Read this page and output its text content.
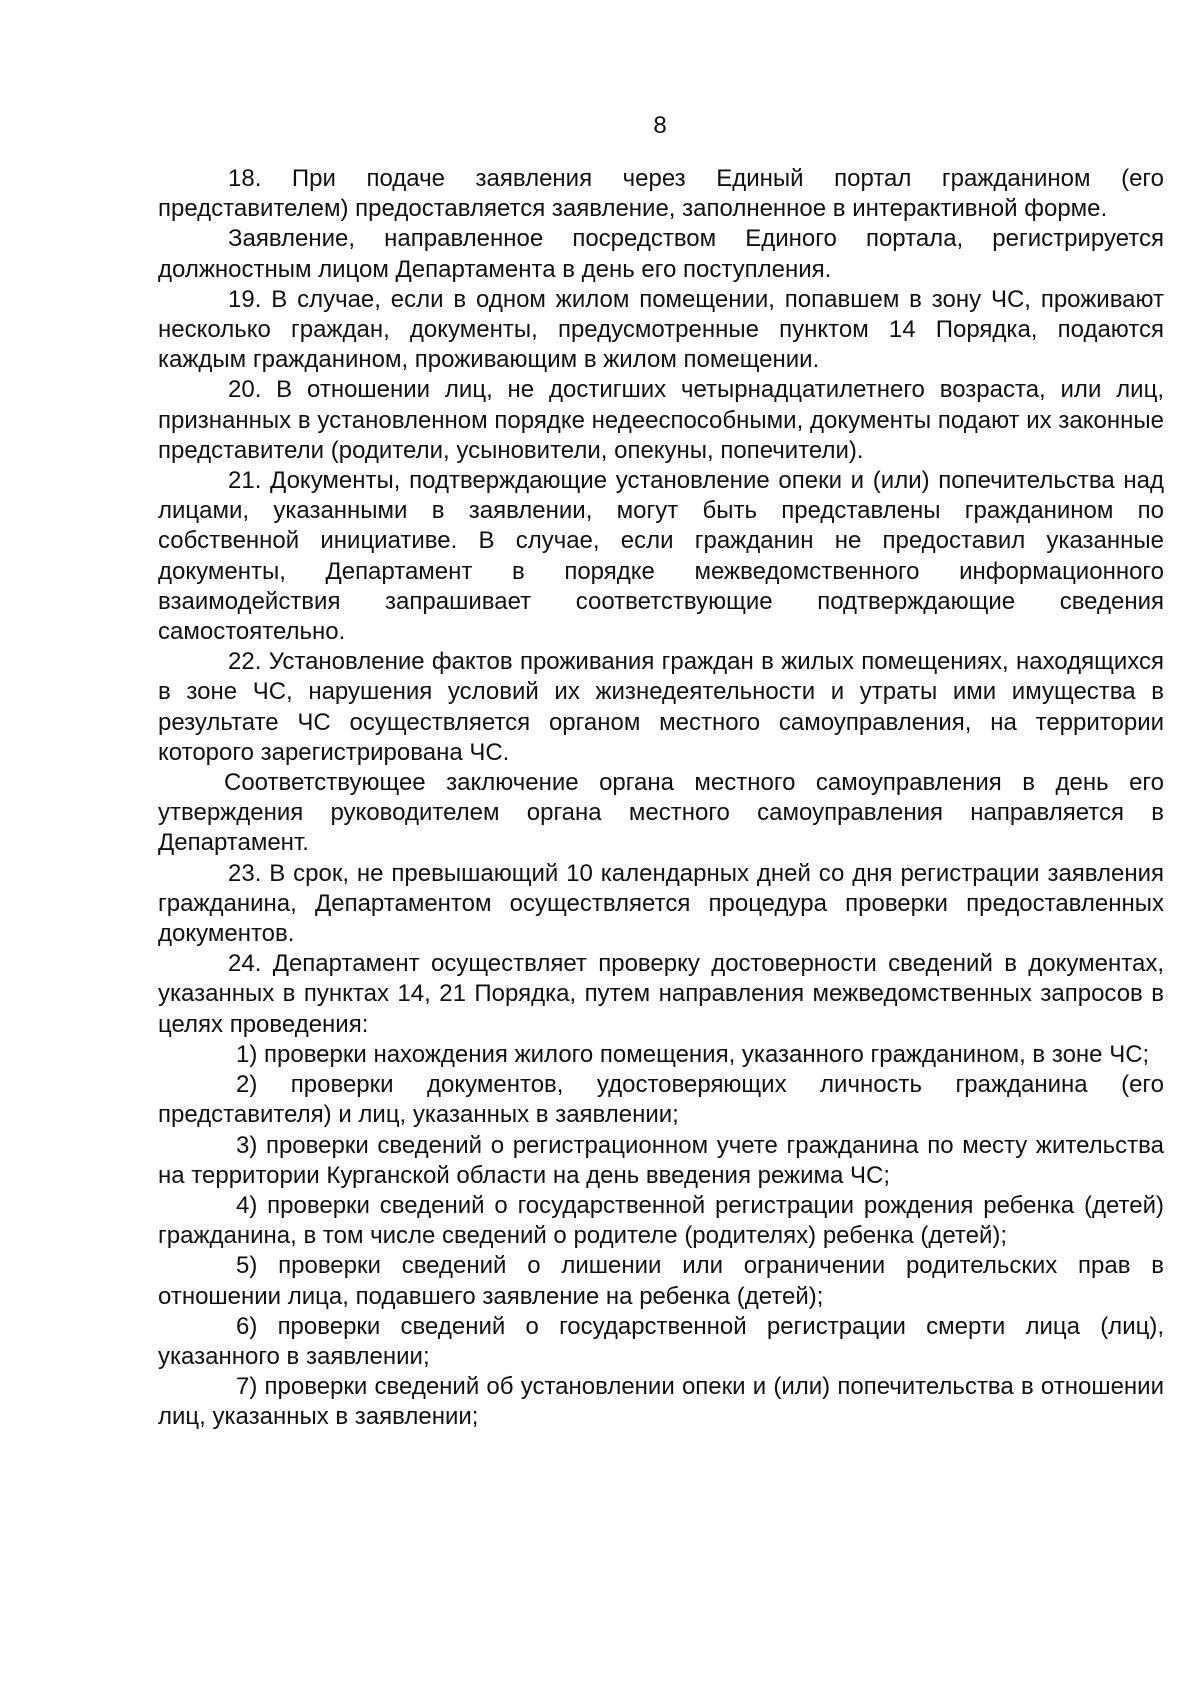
8

18. При подаче заявления через Единый портал гражданином (его представителем) предоставляется заявление, заполненное в интерактивной форме.

Заявление, направленное посредством Единого портала, регистрируется должностным лицом Департамента в день его поступления.

19. В случае, если в одном жилом помещении, попавшем в зону ЧС, проживают несколько граждан, документы, предусмотренные пунктом 14 Порядка, подаются каждым гражданином, проживающим в жилом помещении.

20. В отношении лиц, не достигших четырнадцатилетнего возраста, или лиц, признанных в установленном порядке недееспособными, документы подают их законные представители (родители, усыновители, опекуны, попечители).

21. Документы, подтверждающие установление опеки и (или) попечительства над лицами, указанными в заявлении, могут быть представлены гражданином по собственной инициативе. В случае, если гражданин не предоставил указанные документы, Департамент в порядке межведомственного информационного взаимодействия запрашивает соответствующие подтверждающие сведения самостоятельно.

22. Установление фактов проживания граждан в жилых помещениях, находящихся в зоне ЧС, нарушения условий их жизнедеятельности и утраты ими имущества в результате ЧС осуществляется органом местного самоуправления, на территории которого зарегистрирована ЧС.

Соответствующее заключение органа местного самоуправления в день его утверждения руководителем органа местного самоуправления направляется в Департамент.

23. В срок, не превышающий 10 календарных дней со дня регистрации заявления гражданина, Департаментом осуществляется процедура проверки предоставленных документов.

24. Департамент осуществляет проверку достоверности сведений в документах, указанных в пунктах 14, 21 Порядка, путем направления межведомственных запросов в целях проведения:

1) проверки нахождения жилого помещения, указанного гражданином, в зоне ЧС;

2) проверки документов, удостоверяющих личность гражданина (его представителя) и лиц, указанных в заявлении;

3) проверки сведений о регистрационном учете гражданина по месту жительства на территории Курганской области на день введения режима ЧС;

4) проверки сведений о государственной регистрации рождения ребенка (детей) гражданина, в том числе сведений о родителе (родителях) ребенка (детей);

5) проверки сведений о лишении или ограничении родительских прав в отношении лица, подавшего заявление на ребенка (детей);

6) проверки сведений о государственной регистрации смерти лица (лиц), указанного в заявлении;

7) проверки сведений об установлении опеки и (или) попечительства в отношении лиц, указанных в заявлении;
